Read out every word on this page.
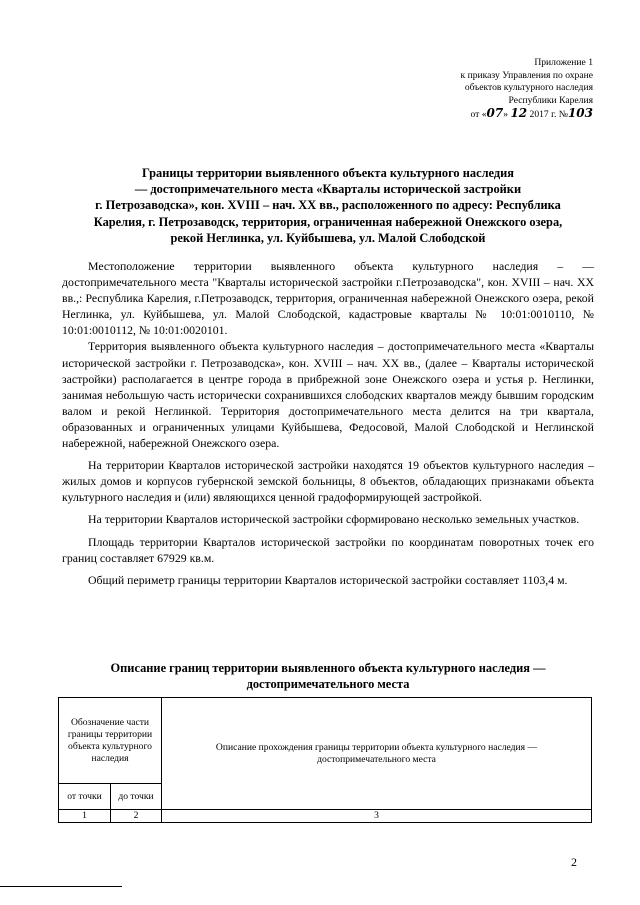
Приложение 1
к приказу Управления по охране
объектов культурного наследия
Республики Карелия
от «07» 12 2017 г. №103
Границы территории выявленного объекта культурного наследия
— достопримечательного места «Кварталы исторической застройки
г. Петрозаводска», кон. XVIII – нач. XX вв., расположенного по адресу: Республика
Карелия, г. Петрозаводск, территория, ограниченная набережной Онежского озера,
рекой Неглинка, ул. Куйбышева, ул. Малой Слободской

Местоположение территории выявленного объекта культурного наследия – — достопримечательного места "Кварталы исторической застройки г.Петрозаводска", кон. XVIII – нач. XX вв.,: Республика Карелия, г.Петрозаводск, территория, ограниченная набережной Онежского озера, рекой Неглинка, ул. Куйбышева, ул. Малой Слободской, кадастровые кварталы № 10:01:0010110, № 10:01:0010112, № 10:01:0020101.

Территория выявленного объекта культурного наследия – достопримечательного места «Кварталы исторической застройки г. Петрозаводска», кон. XVIII – нач. XX вв., (далее – Кварталы исторической застройки) располагается в центре города в прибрежной зоне Онежского озера и устья р. Неглинки, занимая небольшую часть исторически сохранившихся слободских кварталов между бывшим городским валом и рекой Неглинкой. Территория достопримечательного места делится на три квартала, образованных и ограниченных улицами Куйбышева, Федосовой, Малой Слободской и Неглинской набережной, набережной Онежского озера.

На территории Кварталов исторической застройки находятся 19 объектов культурного наследия – жилых домов и корпусов губернской земской больницы, 8 объектов, обладающих признаками объекта культурного наследия и (или) являющихся ценной градоформирующей застройкой.

На территории Кварталов исторической застройки сформировано несколько земельных участков.

Площадь территории Кварталов исторической застройки по координатам поворотных точек его границ составляет 67929 кв.м.

Общий периметр границы территории Кварталов исторической застройки составляет 1103,4 м.

Описание границ территории выявленного объекта культурного наследия —
достопримечательного места
Обозначение части границы территории объекта культурного наследия		Описание прохождения границы территории объекта культурного наследия — достопримечательного места
от точки	до точки	
1	2	3
2
